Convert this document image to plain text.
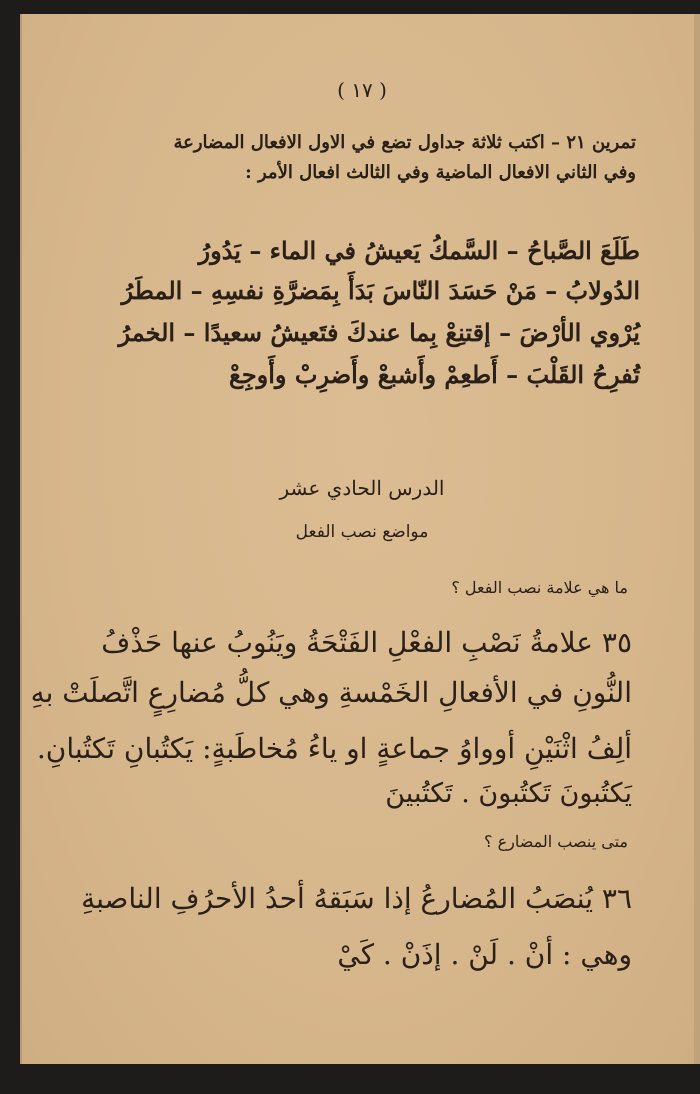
( ١٧ )
تمرين ٢١ – اكتب ثلاثة جداول تضع في الاول الافعال المضارعة
وفي الثاني الافعال الماضية وفي الثالث افعال الأمر :
طَلَعَ الصَّباحُ – السَّمكُ يَعيشُ في الماء – يَدُورُ
الدُولابُ – مَنْ حَسَدَ النّاسَ بَدَأَ بِمَضرَّةِ نفسِهِ – المطَرُ
يُرْوي الأرْضَ – إقتنِعْ بِما عندكَ فتَعيشُ سعيدًا – الخمرُ
تُفرِحُ القَلْبَ – أَطعِمْ وأَشبعْ وأَضرِبْ وأَوجِعْ
الدرس الحادي عشر
مواضع نصب الفعل
ما هي علامة نصب الفعل ؟
٣٥ علامةُ نَصْبِ الفعْلِ الفَتْحَةُ ويَنُوبُ عنها حَذْفُ
النُّونِ في الأفعالِ الخَمْسةِ وهي كلُّ مُضارِعٍ اتَّصلَتْ بهِ
ألِفُ اثْنَيْنِ أوواوُ جماعةٍ او ياءُ مُخاطَبةٍ: يَكتُبانِ تَكتُبانِ.
يَكتُبونَ تَكتُبونَ . تَكتُبينَ
متى ينصب المضارع ؟
٣٦ يُنصَبُ المُضارعُ إذا سَبَقهُ أحدُ الأحرُفِ الناصبةِ
وهي : أنْ . لَنْ . إذَنْ . كَيْ
